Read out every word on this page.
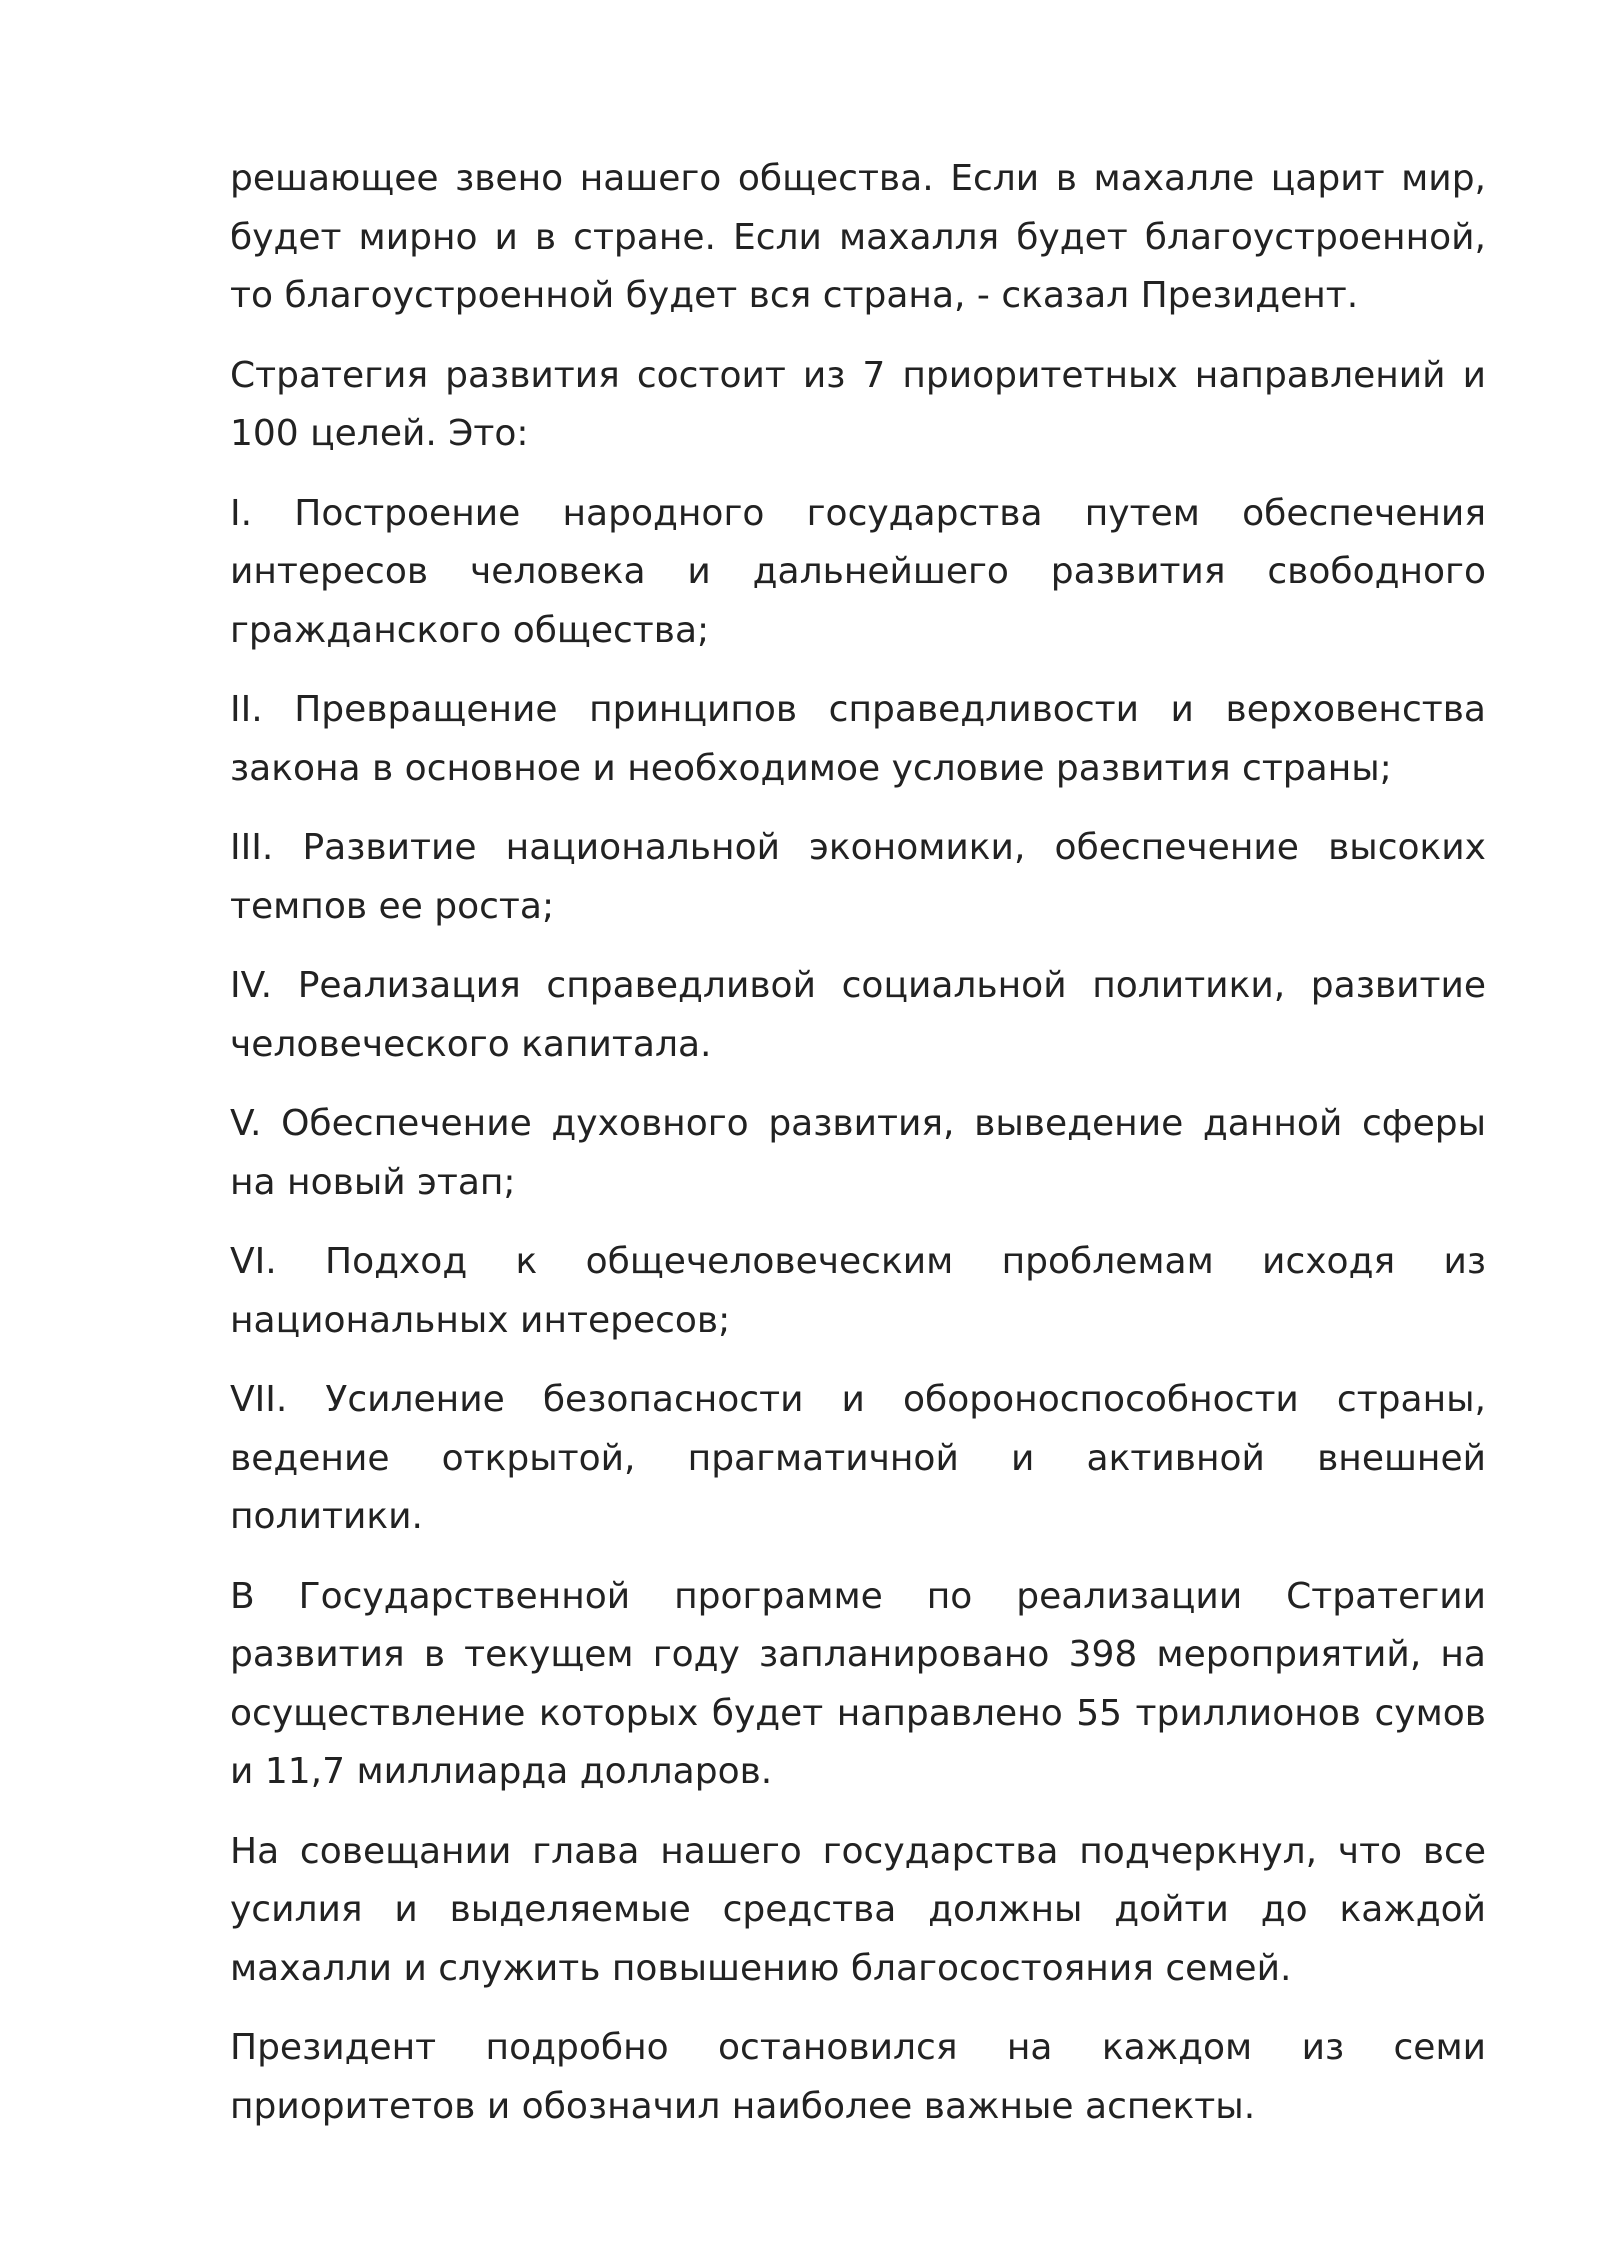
решающее звено нашего общества. Если в махалле царит мир, будет мирно и в стране. Если махалля будет благоустроенной, то благоустроенной будет вся страна, - сказал Президент.

Стратегия развития состоит из 7 приоритетных направлений и 100 целей. Это:

I. Построение народного государства путем обеспечения интересов человека и дальнейшего развития свободного гражданского общества;

II. Превращение принципов справедливости и верховенства закона в основное и необходимое условие развития страны;

III. Развитие национальной экономики, обеспечение высоких темпов ее роста;

IV. Реализация справедливой социальной политики, развитие человеческого капитала.

V. Обеспечение духовного развития, выведение данной сферы на новый этап;

VI. Подход к общечеловеческим проблемам исходя из национальных интересов;

VII. Усиление безопасности и обороноспособности страны, ведение открытой, прагматичной и активной внешней политики.

В Государственной программе по реализации Стратегии развития в текущем году запланировано 398 мероприятий, на осуществление которых будет направлено 55 триллионов сумов и 11,7 миллиарда долларов.

На совещании глава нашего государства подчеркнул, что все усилия и выделяемые средства должны дойти до каждой махалли и служить повышению благосостояния семей.

Президент подробно остановился на каждом из семи приоритетов и обозначил наиболее важные аспекты.
